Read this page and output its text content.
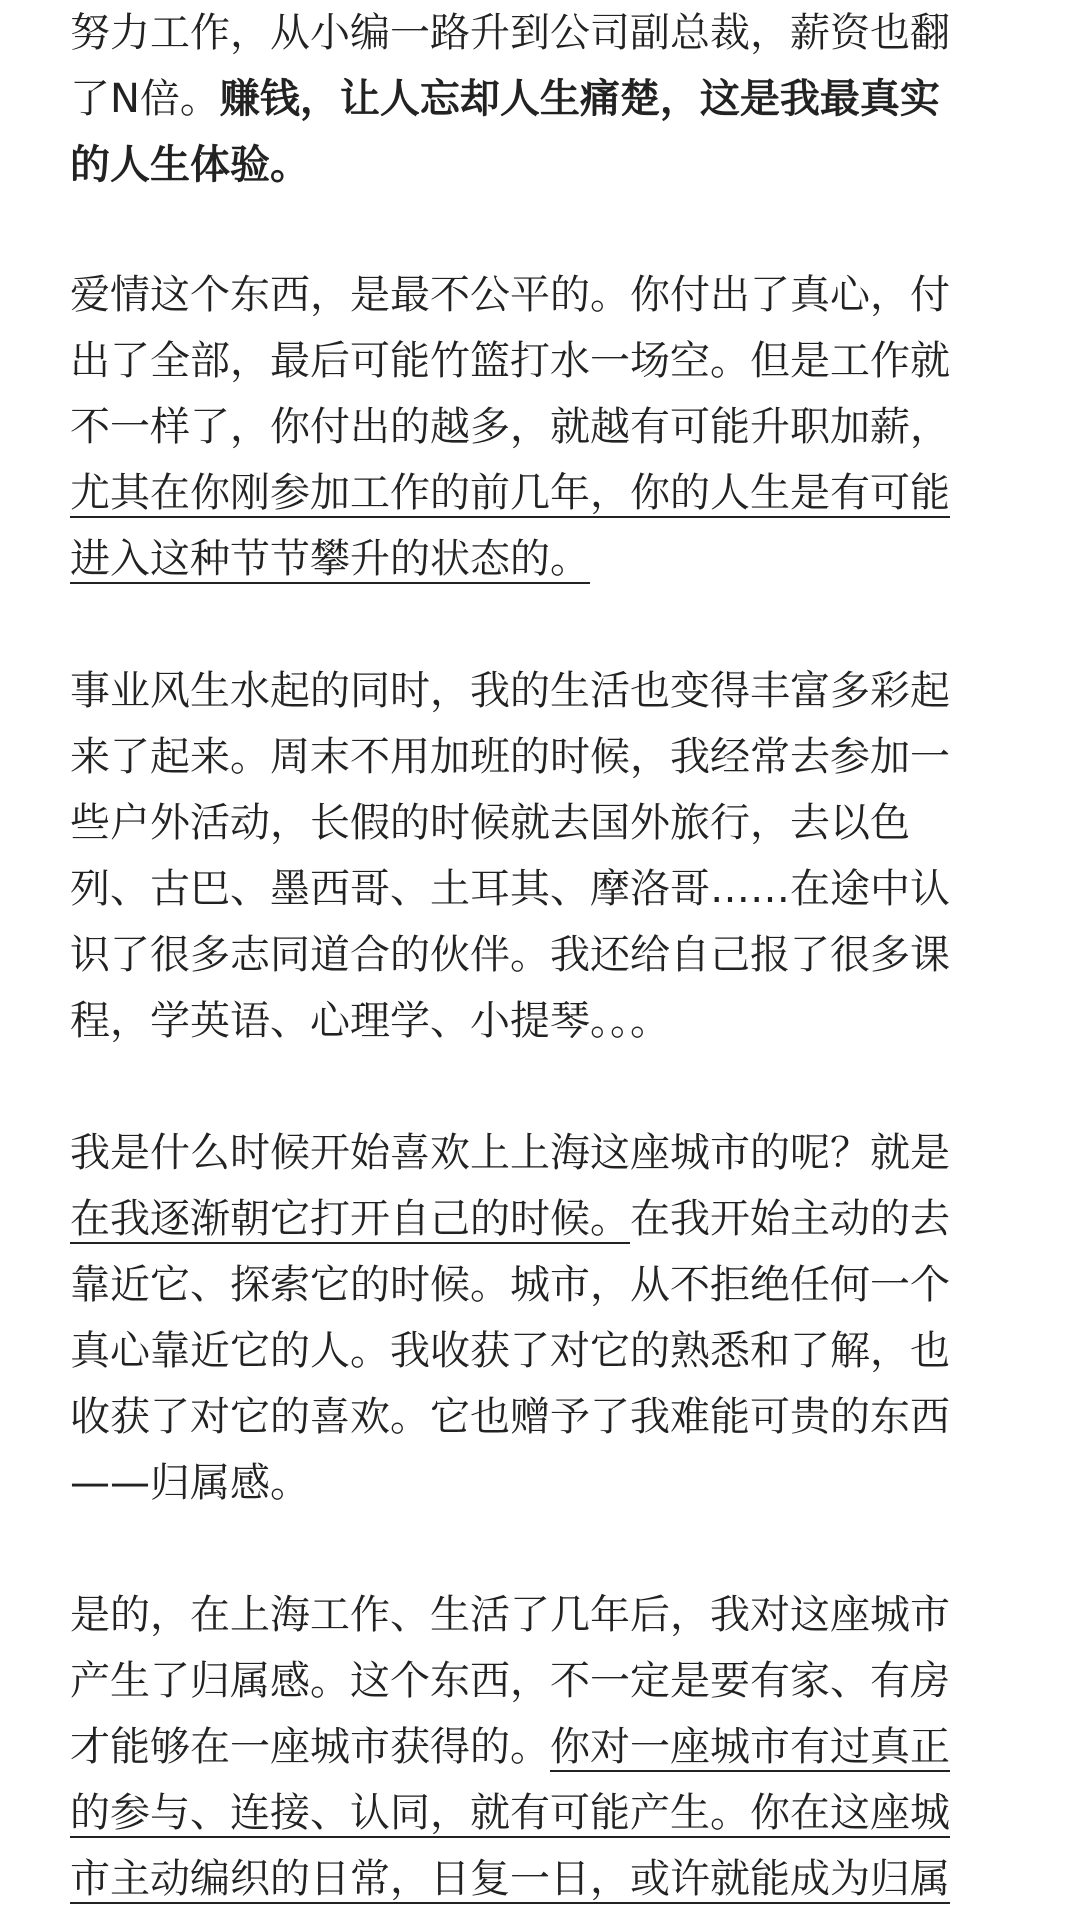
努力工作，从小编一路升到公司副总裁，薪资也翻
了N倍。赚钱，让人忘却人生痛楚，这是我最真实
的人生体验。
爱情这个东西，是最不公平的。你付出了真心，付
出了全部，最后可能竹篮打水一场空。但是工作就
不一样了，你付出的越多，就越有可能升职加薪，
尤其在你刚参加工作的前几年，你的人生是有可能
进入这种节节攀升的状态的。
事业风生水起的同时，我的生活也变得丰富多彩起
来了起来。周末不用加班的时候，我经常去参加一
些户外活动，长假的时候就去国外旅行，去以色
列、古巴、墨西哥、土耳其、摩洛哥……在途中认
识了很多志同道合的伙伴。我还给自己报了很多课
程，学英语、心理学、小提琴。。。
我是什么时候开始喜欢上上海这座城市的呢？就是
在我逐渐朝它打开自己的时候。在我开始主动的去
靠近它、探索它的时候。城市，从不拒绝任何一个
真心靠近它的人。我收获了对它的熟悉和了解，也
收获了对它的喜欢。它也赠予了我难能可贵的东西
——归属感。
是的，在上海工作、生活了几年后，我对这座城市
产生了归属感。这个东西，不一定是要有家、有房
才能够在一座城市获得的。你对一座城市有过真正
的参与、连接、认同，就有可能产生。你在这座城
市主动编织的日常，日复一日，或许就能成为归属
